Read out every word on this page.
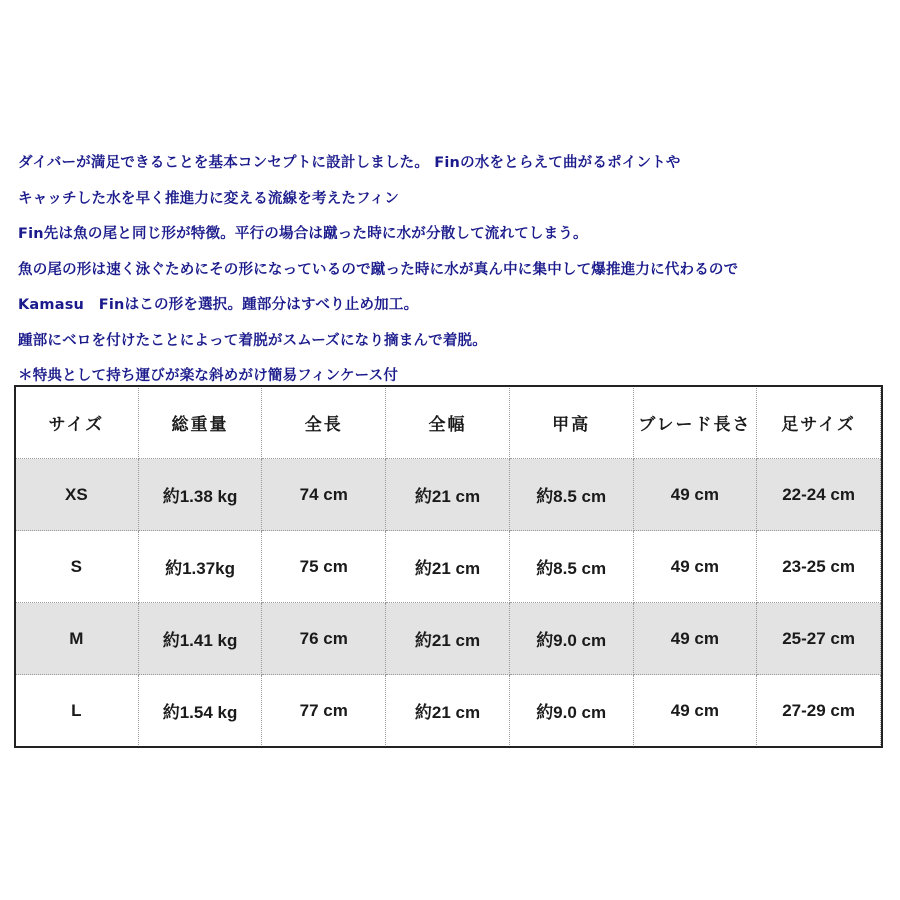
ダイバーが満足できることを基本コンセプトに設計しました。 Finの水をとらえて曲がるポイントや
キャッチした水を早く推進力に変える流線を考えたフィン
Fin先は魚の尾と同じ形が特徴。平行の場合は蹴った時に水が分散して流れてしまう。
魚の尾の形は速く泳ぐためにその形になっているので蹴った時に水が真ん中に集中して爆推進力に代わるので
Kamasu　Finはこの形を選択。踵部分はすべり止め加工。
踵部にベロを付けたことによって着脱がスムーズになり摘まんで着脱。
＊特典として持ち運びが楽な斜めがけ簡易フィンケース付
サイズ	総重量	全長	全幅	甲高	ブレード長さ	足サイズ
XS	約1.38 kg	74 cm	約21 cm	約8.5 cm	49 cm	22-24 cm
S	約1.37kg	75 cm	約21 cm	約8.5 cm	49 cm	23-25 cm
M	約1.41 kg	76 cm	約21 cm	約9.0 cm	49 cm	25-27 cm
L	約1.54 kg	77 cm	約21 cm	約9.0 cm	49 cm	27-29 cm
